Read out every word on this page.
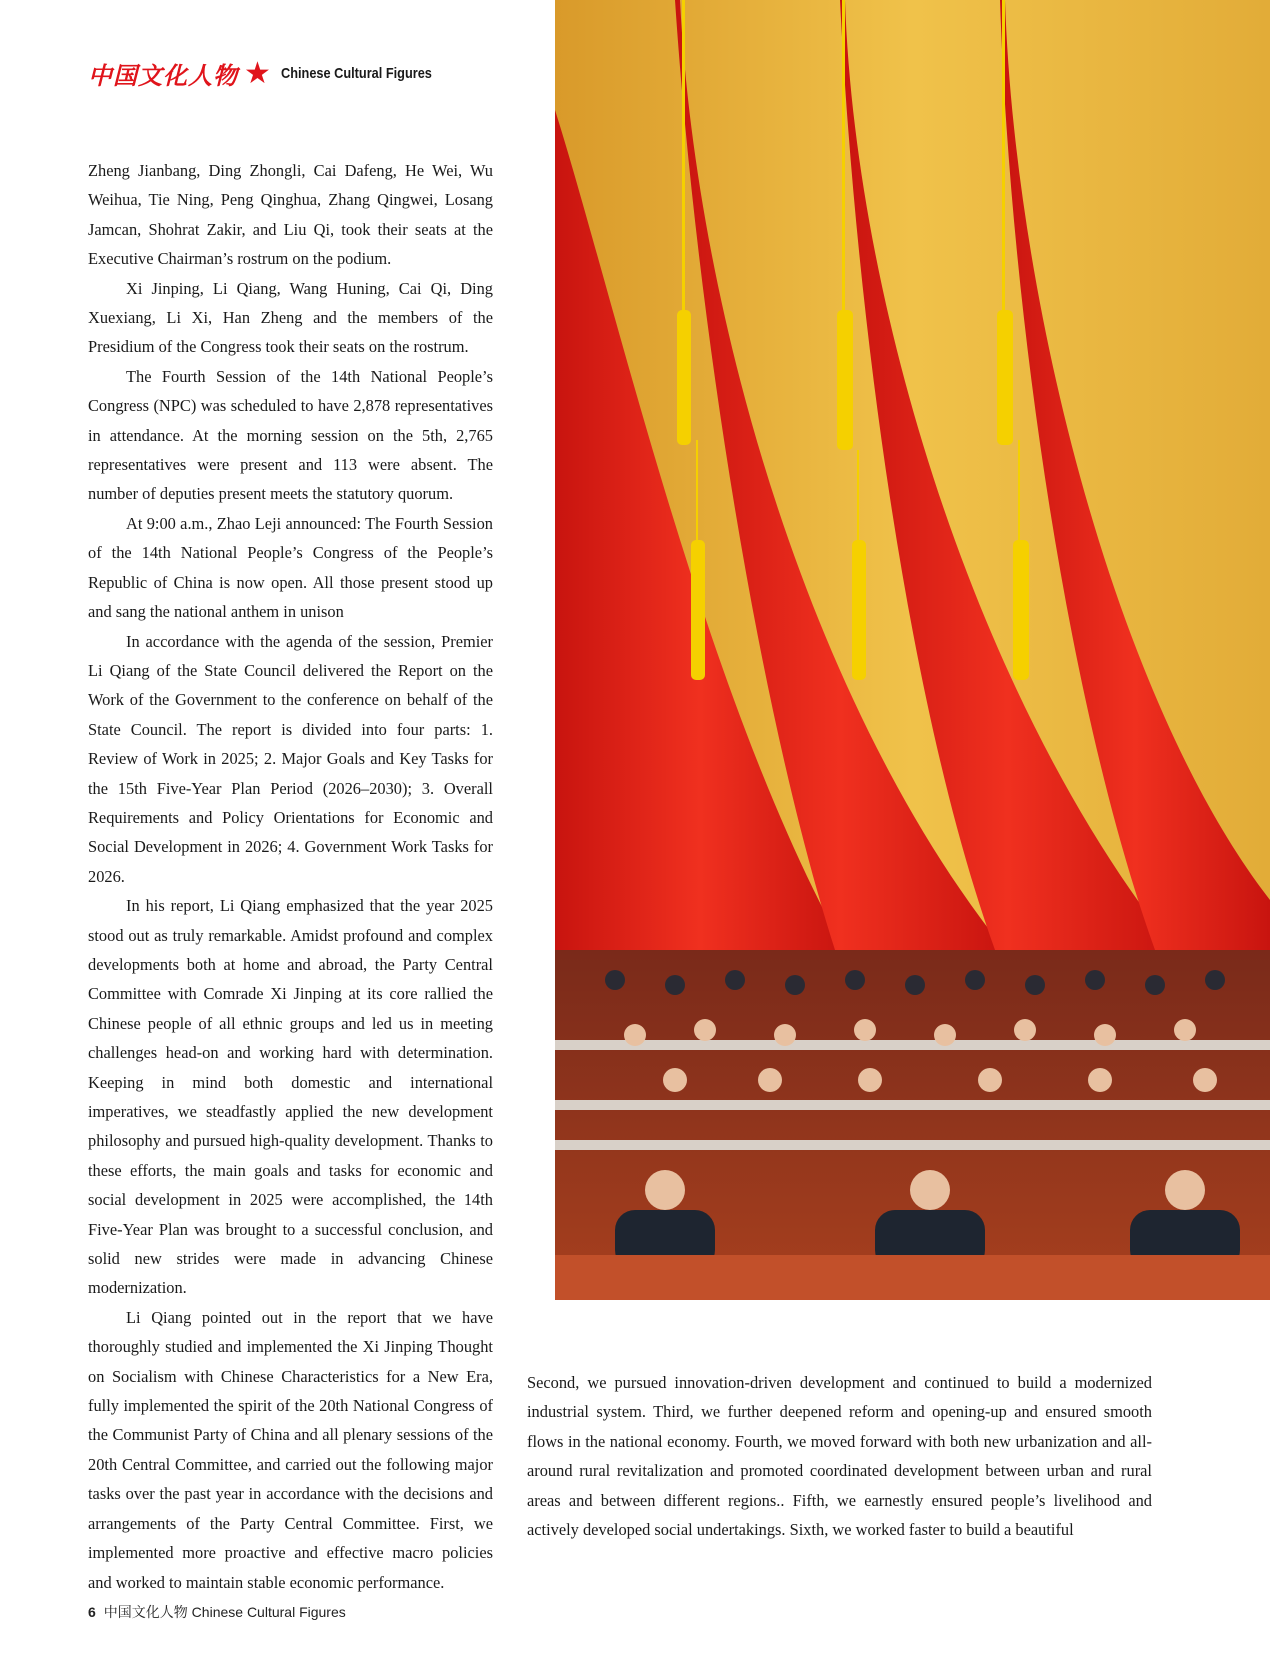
中国文化人物 ★ Chinese Cultural Figures

Zheng Jianbang, Ding Zhongli, Cai Dafeng, He Wei, Wu Weihua, Tie Ning, Peng Qinghua, Zhang Qingwei, Losang Jamcan, Shohrat Zakir, and Liu Qi, took their seats at the Executive Chairman’s rostrum on the podium.

Xi Jinping, Li Qiang, Wang Huning, Cai Qi, Ding Xuexiang, Li Xi, Han Zheng and the members of the Presidium of the Congress took their seats on the rostrum.

The Fourth Session of the 14th National People’s Congress (NPC) was scheduled to have 2,878 representatives in attendance. At the morning session on the 5th, 2,765 representatives were present and 113 were absent. The number of deputies present meets the statutory quorum.

At 9:00 a.m., Zhao Leji announced: The Fourth Session of the 14th National People’s Congress of the People’s Republic of China is now open. All those present stood up and sang the national anthem in unison

In accordance with the agenda of the session, Premier Li Qiang of the State Council delivered the Report on the Work of the Government to the conference on behalf of the State Council. The report is divided into four parts: 1. Review of Work in 2025; 2. Major Goals and Key Tasks for the 15th Five-Year Plan Period (2026–2030); 3. Overall Requirements and Policy Orientations for Economic and Social Development in 2026; 4. Government Work Tasks for 2026.

In his report, Li Qiang emphasized that the year 2025 stood out as truly remarkable. Amidst profound and complex developments both at home and abroad, the Party Central Committee with Comrade Xi Jinping at its core rallied the Chinese people of all ethnic groups and led us in meeting challenges head-on and working hard with determination. Keeping in mind both domestic and international imperatives, we steadfastly applied the new development philosophy and pursued high-quality development. Thanks to these efforts, the main goals and tasks for economic and social development in 2025 were accomplished, the 14th Five-Year Plan was brought to a successful conclusion, and solid new strides were made in advancing Chinese modernization.

Li Qiang pointed out in the report that we have thoroughly studied and implemented the Xi Jinping Thought on Socialism with Chinese Characteristics for a New Era, fully implemented the spirit of the 20th National Congress of the Communist Party of China and all plenary sessions of the 20th Central Committee, and carried out the following major tasks over the past year in accordance with the decisions and arrangements of the Party Central Committee. First, we implemented more proactive and effective macro policies and worked to maintain stable economic performance.

Second, we pursued innovation-driven development and continued to build a modernized industrial system. Third, we further deepened reform and opening-up and ensured smooth flows in the national economy. Fourth, we moved forward with both new urbanization and all-around rural revitalization and promoted coordinated development between urban and rural areas and between different regions.. Fifth, we earnestly ensured people’s livelihood and actively developed social undertakings. Sixth, we worked faster to build a beautiful

6 中国文化人物 Chinese Cultural Figures
